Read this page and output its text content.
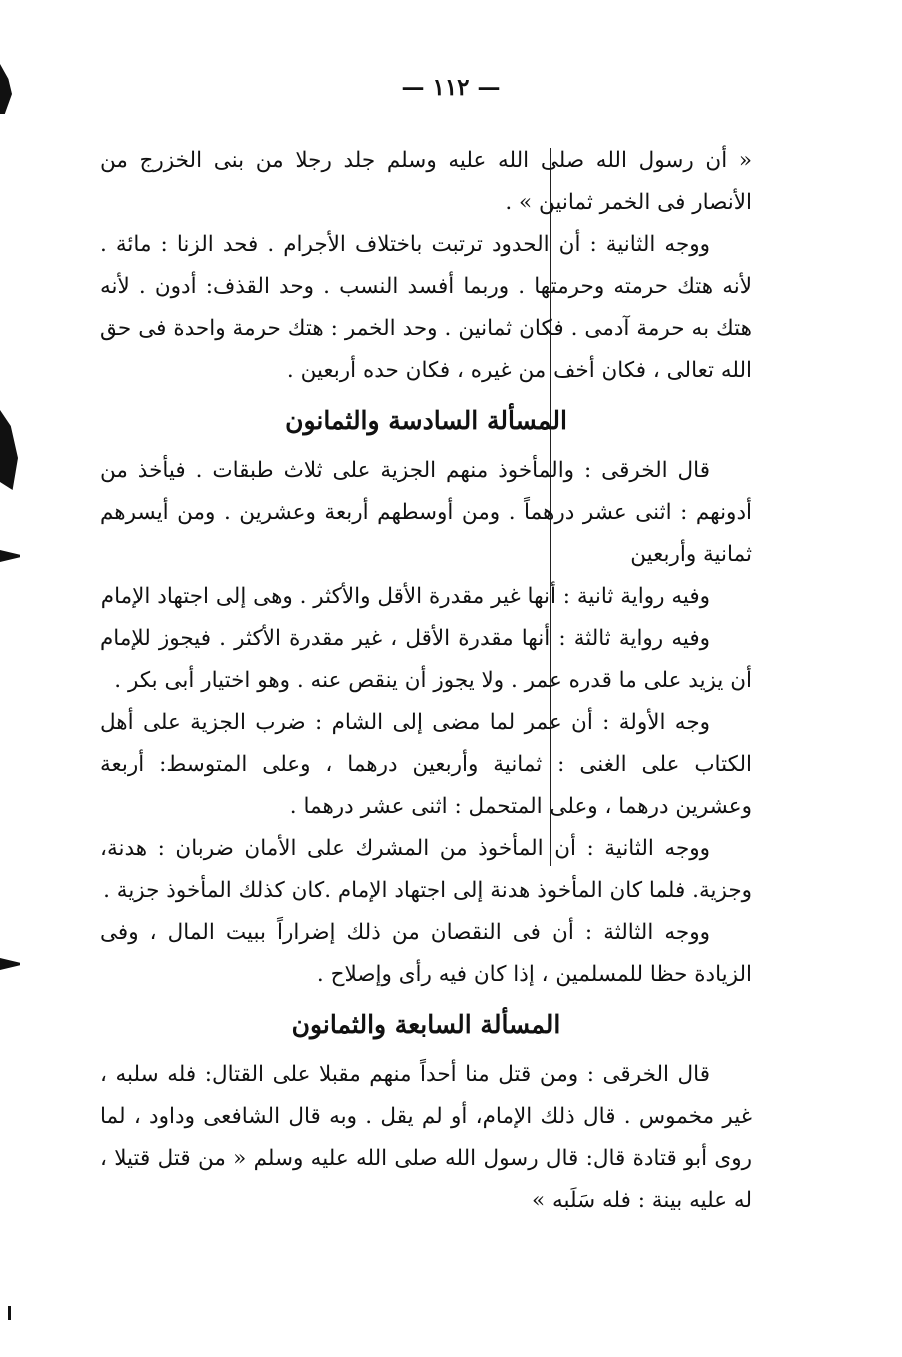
— ١١٢ —

« أن رسول الله صلى الله عليه وسلم جلد رجلا من بنى الخزرج من الأنصار فى الخمر ثمانين » .

ووجه الثانية : أن الحدود ترتبت باختلاف الأجرام . فحد الزنا : مائة . لأنه هتك حرمته وحرمتها . وربما أفسد النسب . وحد القذف: أدون . لأنه هتك به حرمة آدمى . فكان ثمانين . وحد الخمر : هتك حرمة واحدة فى حق الله تعالى ، فكان أخف من غيره ، فكان حده أربعين .

المسألة السادسة والثمانون

قال الخرقى : والمأخوذ منهم الجزية على ثلاث طبقات . فيأخذ من أدونهم : اثنى عشر درهماً . ومن أوسطهم أربعة وعشرين . ومن أيسرهم ثمانية وأربعين

وفيه رواية ثانية : أنها غير مقدرة الأقل والأكثر . وهى إلى اجتهاد الإمام

وفيه رواية ثالثة : أنها مقدرة الأقل ، غير مقدرة الأكثر . فيجوز للإمام أن يزيد على ما قدره عمر . ولا يجوز أن ينقص عنه . وهو اختيار أبى بكر .

وجه الأولة : أن عمر لما مضى إلى الشام : ضرب الجزية على أهل الكتاب على الغنى : ثمانية وأربعين درهما ، وعلى المتوسط: أربعة وعشرين درهما ، وعلى المتحمل : اثنى عشر درهما .

ووجه الثانية : أن المأخوذ من المشرك على الأمان ضربان : هدنة، وجزية. فلما كان المأخوذ هدنة إلى اجتهاد الإمام .كان كذلك المأخوذ جزية .

ووجه الثالثة : أن فى النقصان من ذلك إضراراً ببيت المال ، وفى الزيادة حظا للمسلمين ، إذا كان فيه رأى وإصلاح .

المسألة السابعة والثمانون

قال الخرقى : ومن قتل منا أحداً منهم مقبلا على القتال: فله سلبه ، غير مخموس . قال ذلك الإمام، أو لم يقل . وبه قال الشافعى وداود ، لما روى أبو قتادة قال: قال رسول الله صلى الله عليه وسلم « من قتل قتيلا ، له عليه بينة : فله سَلَبه »
